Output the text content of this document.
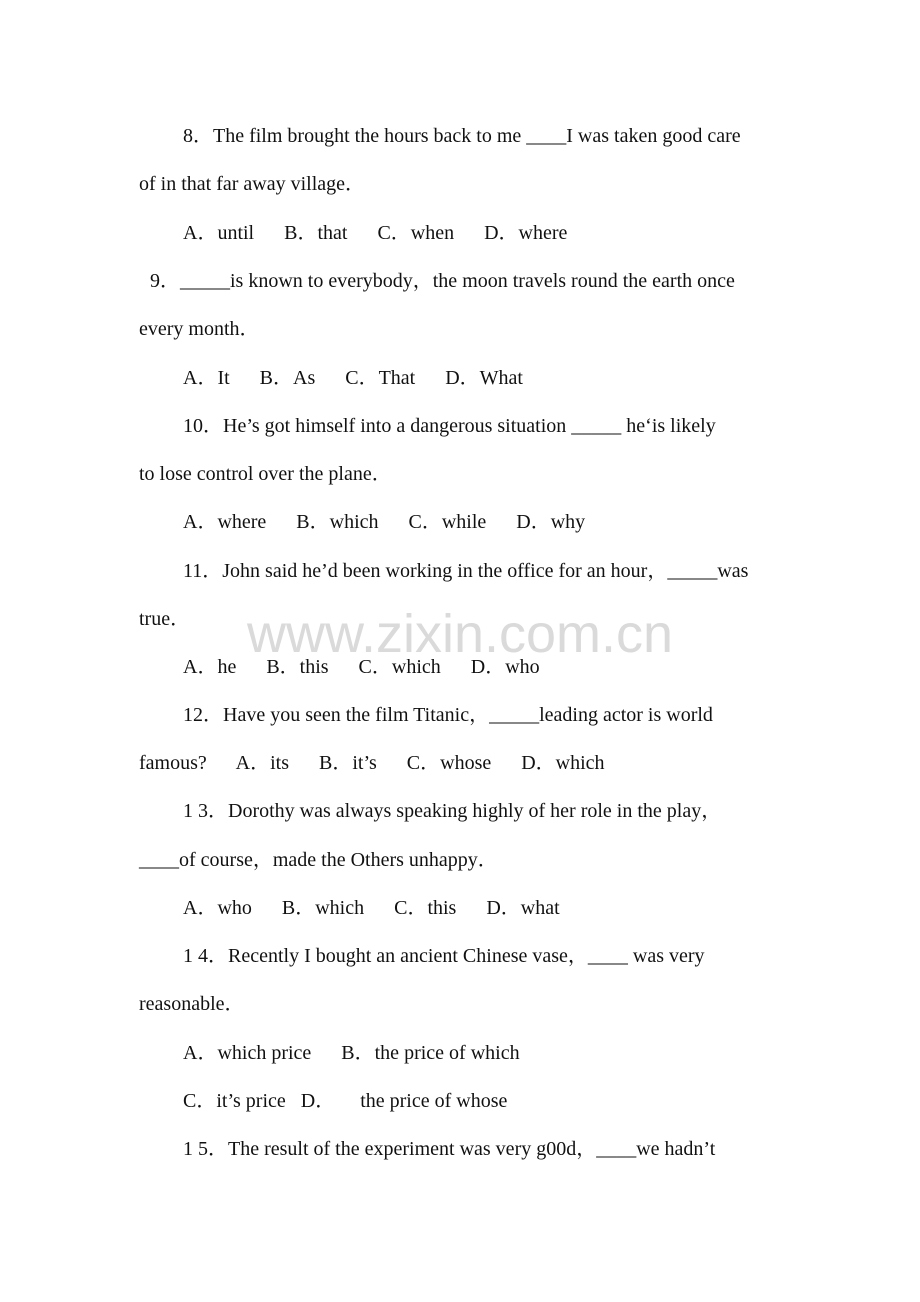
8．The film brought the hours back to me ____I was taken good care
of in that far away village．
A．until      B．that      C．when      D．where
9．_____is known to everybody，the moon travels round the earth once
every month．
A．It      B．As      C．That      D．What
10．He’s got himself into a dangerous situation _____ he‘is likely
to lose control over the plane．
A．where      B．which      C．while      D．why
11．John said he’d been working in the office for an hour，_____was
true．
A．he      B．this      C．which      D．who
12．Have you seen the film Titanic，_____leading actor is world
famous?      A．its      B．it’s      C．whose      D．which
1 3．Dorothy was always speaking highly of her role in the play，
____of course，made the Others unhappy．
A．who      B．which      C．this      D．what
1 4．Recently I bought an ancient Chinese vase，____ was very
reasonable．
A．which price      B．the price of which
C．it’s price   D．     the price of whose
1 5．The result of the experiment was very g00d，____we hadn’t
www.zixin.com.cn
